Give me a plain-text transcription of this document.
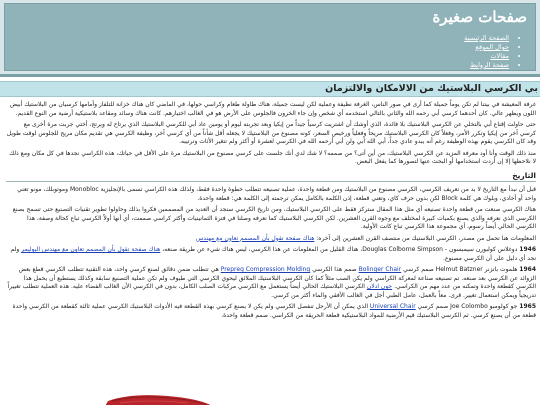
صفحات صغيرة
• الصفحة الرئيسية
• جوال الموقع
• مقالات
• صفحة الروابط
بي الكرسي البلاستيك من الالامكان والالتزمان

غرفة المعيشة في بيتنا لم تكن يوماً جميلة كما أرى في صور الناس، الغرفة نظيفة وعملية لكن ليست جميلة، هناك طاولة طعام وكراسي حولها، في الماضي كان هناك خزانة للتلفاز وأمامها كرسيان من البلاستيك أبيض اللون ويظهر عالي. كان أحدهما كرسي أبي رحمه الله والثاني بالتالي استخدمه أي شخص وإن جاء الخرون فالجلوس على الأرض هو في الغالب اختيارهم. كانت هناك وسائد ومقاعد بلاستيكية أرضية من النوع القديم.

حتى حاولت إقناع أبي بالتخلي عن الكرسي البلاستيك بلا فائدة، الذي أوشك أن اشتريت كرسياً جيداً من إيكيا وبعد تجربته ليوم أو يومين عاد أبي للكرسي البلاستيك الذي يرتاح له ويرتج، أختي جربت مرة أخرى مع كرسي آخر من إيكيا وتكرر الأمر، وفعلاً كان الكرسي البلاستيك مريحاً وفعلياً ورخيص السعر، كونه مصنوع من البلاستيك لا يجعله أقل شأناً من أي كرسي آخر، وظيفة الكرسي هي تقديم مكان مريح للجلوس لوقت طويل وقد كان الكرسي يقوم بهذه الوظيفة رغم أنه يبدو عادي جداً، أبي الله أبي ولن أبي أرحمه الله في الكرسي لعشرة أو أكثر ولم تتغير الأثاث وترتيبه.

منذ ذلك الوقت وأنا أود معرفة المزيد عن الكرسي البلاستيك، من أين أتى؟ من صممه؟ لا شك لدي أنك جلست على كرسي مصنوع من البلاستيك مرة على الأقل في حياتك، هذه الكراسي نجدها في كل مكان ومع ذلك لا نلاحظها إلا إن أردت استخدامها أو البحث عنها لتصورها كما يفعل البعض.

التاريخ

قبل أن نبدأ مع التاريخ لا بد من تعريف الكرسي، الكرسي مصنوع من البلاستيك ومن قطعة واحدة، عملية تصنيعه تتطلب خطوة واحدة فقط، ولذلك هذه الكراسي تسمى بالإنجليزية Monobloc وموتوبلك، مونو تعني واحد أو أحادي، وبلوك هي كلمة Block لكن بدون حرف كاي، وتعني قطعة، إذن الكلمة بالكامل يمكن ترجمته إلى الكلمة هي: قطعة واحدة.

هناك الكرسي صنعت من قطعة واحدة تصنيعه أي مثل هذا المقال ستركز فقط على الكرسي البلاستيك، ومن تاريخ الكرسي سنجد أن العديد من المصممين فكروا بذلك وحاولوا تطوير تقنيات التصنيع حتى تسمح بصنع الكرسي الذي نعرفه والذي يصنع بكميات كبيرة لمختلف مع وجوه القرن العشرين. لكن الكرسي البلاستيك كما نعرفه وصلنا في فترة الثمانينيات وأكثر كراسي صممت، أي أنها أولاً الكرسي تباع كحالة وصفة، هذا الكرسي الحالي أيضاً رسوم، أي مجموعة هذا الكرسي تباع كانت الأولية.

المعلومات هنا تحمل من مصدر، الكرسي البلاستيك من منتصف القرن العشرين إلى آخره: هناك صفحة تقول بأن المصمم تعاون مع مهندس

1946 دوغلاس كولبورن سيمبسون - Douglas Colborne Simpson، هناك القليل من المعلومات عن هذا الكرسي، ليس هناك شيء عن طريقة صنعه، هناك صفحة تقول بأن المصمم تعاون مع مهندس البوليمر ولم تجد أي دليل على أن الكرسي مصنوع.

1964 هلموت باتزنر Helmut Batzner صمم كرسي Bolinger Chair صمم هذا الكرسي Prepreg Compression Molding هي تتطلب ضمن دقائق لصنع كرسي واحد، هذه التقنية تتطلب الكرسي قطع بعض الزوائد عن الكرسي بعد صنعه. تم تصنيعه صناعة لمعركة الكراسي ولم يكن الصب مثلاً كما كان الكرسي البلاستيك الملائق ليحوي الكرسي التي طبوف ولم تكن عملية التصنيع سابقة وكذلك يستطيع أن يحمل هذا الكرسي كقطعة واحدة وتمكنه من عدد مهم من الكراسي. جون ادلان الكرسي البلاستيك الحالي أيضاً يستعمل مع الكرسي مركبات الصلب الكامل، بدون في الكرسي الأن الغالب الفضاء عليه. هذه العملية تتطلب تغييراً تدريجياً ويمكن استعمال تغيير. قرى. معاً بالعمل، عامل الطبي أجل في الغالب الأفقي والماء أكثر من كرسي.

1965 جو كولومبو Joe Colombo صمم كرسي Universal Chair الذي يمكن أن الأرجل تنفصل الكرسي ولم يكن لا يصنع كرسي بهذه القطعة فيه الأدوات البلاستيك الكرسي عملية ثالثة كقطعة من الكرسي واحدة قطعة من أن يصنع كرسي. ثم الكرسي البلاستيك قيم الأرضية للمواد البلاستيكية قطعة الحريقة من الكراسي. صمم قطعة واحدة.
